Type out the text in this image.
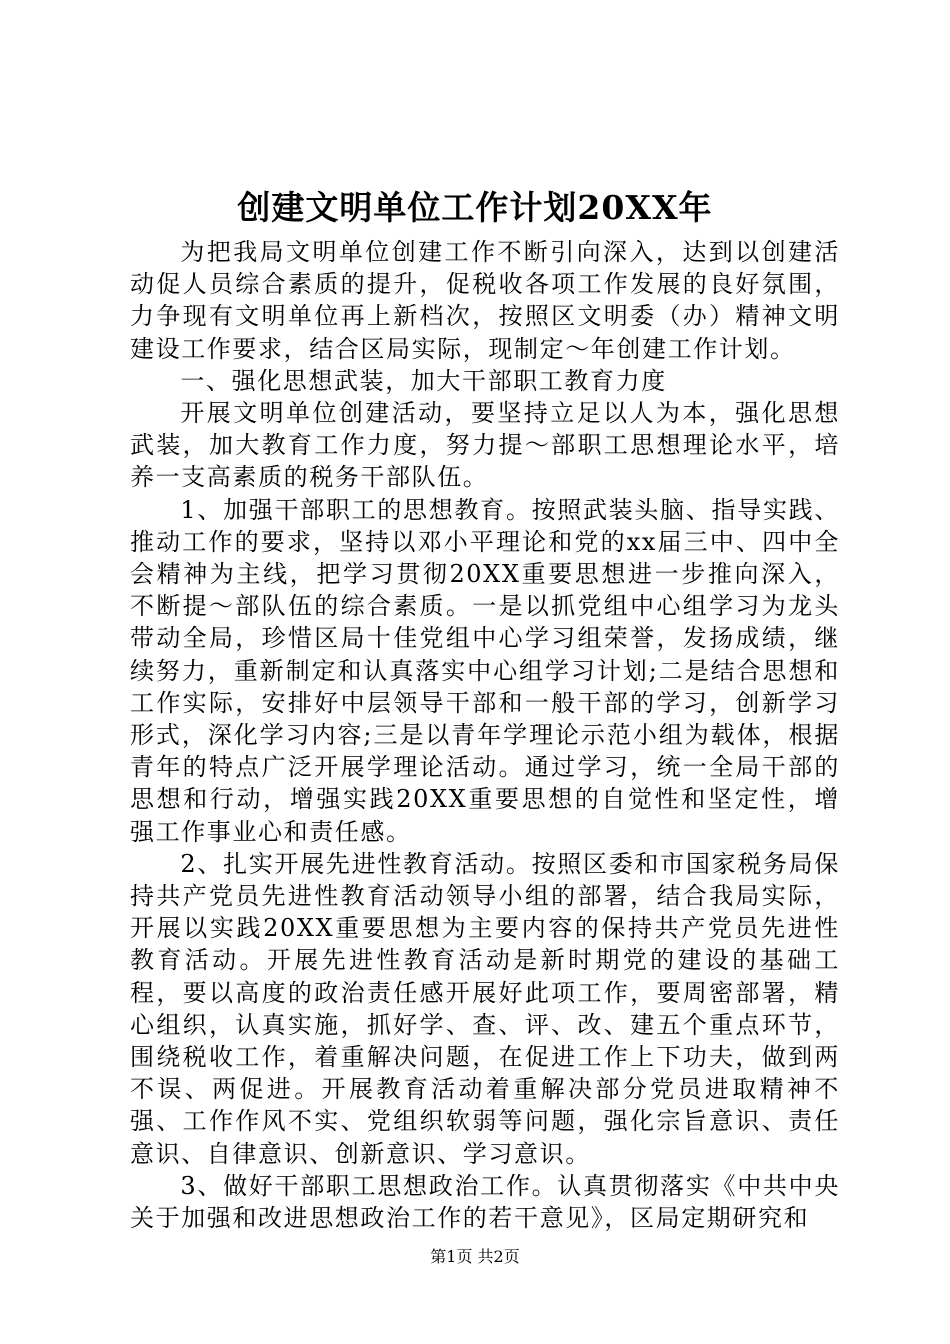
创建文明单位工作计划20XX年

为把我局文明单位创建工作不断引向深入，达到以创建活动促人员综合素质的提升，促税收各项工作发展的良好氛围，力争现有文明单位再上新档次，按照区文明委（办）精神文明建设工作要求，结合区局实际，现制定～年创建工作计划。

一、强化思想武装，加大干部职工教育力度

开展文明单位创建活动，要坚持立足以人为本，强化思想武装，加大教育工作力度，努力提～部职工思想理论水平，培养一支高素质的税务干部队伍。

1、加强干部职工的思想教育。按照武装头脑、指导实践、推动工作的要求，坚持以邓小平理论和党的xx届三中、四中全会精神为主线，把学习贯彻20XX重要思想进一步推向深入，不断提～部队伍的综合素质。一是以抓党组中心组学习为龙头带动全局，珍惜区局十佳党组中心学习组荣誉，发扬成绩，继续努力，重新制定和认真落实中心组学习计划;二是结合思想和工作实际，安排好中层领导干部和一般干部的学习，创新学习形式，深化学习内容;三是以青年学理论示范小组为载体，根据青年的特点广泛开展学理论活动。通过学习，统一全局干部的思想和行动，增强实践20XX重要思想的自觉性和坚定性，增强工作事业心和责任感。

2、扎实开展先进性教育活动。按照区委和市国家税务局保持共产党员先进性教育活动领导小组的部署，结合我局实际，开展以实践20XX重要思想为主要内容的保持共产党员先进性教育活动。开展先进性教育活动是新时期党的建设的基础工程，要以高度的政治责任感开展好此项工作，要周密部署，精心组织，认真实施，抓好学、查、评、改、建五个重点环节，围绕税收工作，着重解决问题，在促进工作上下功夫，做到两不误、两促进。开展教育活动着重解决部分党员进取精神不强、工作作风不实、党组织软弱等问题，强化宗旨意识、责任意识、自律意识、创新意识、学习意识。

3、做好干部职工思想政治工作。认真贯彻落实《中共中央关于加强和改进思想政治工作的若干意见》，区局定期研究和

第1页 共2页
